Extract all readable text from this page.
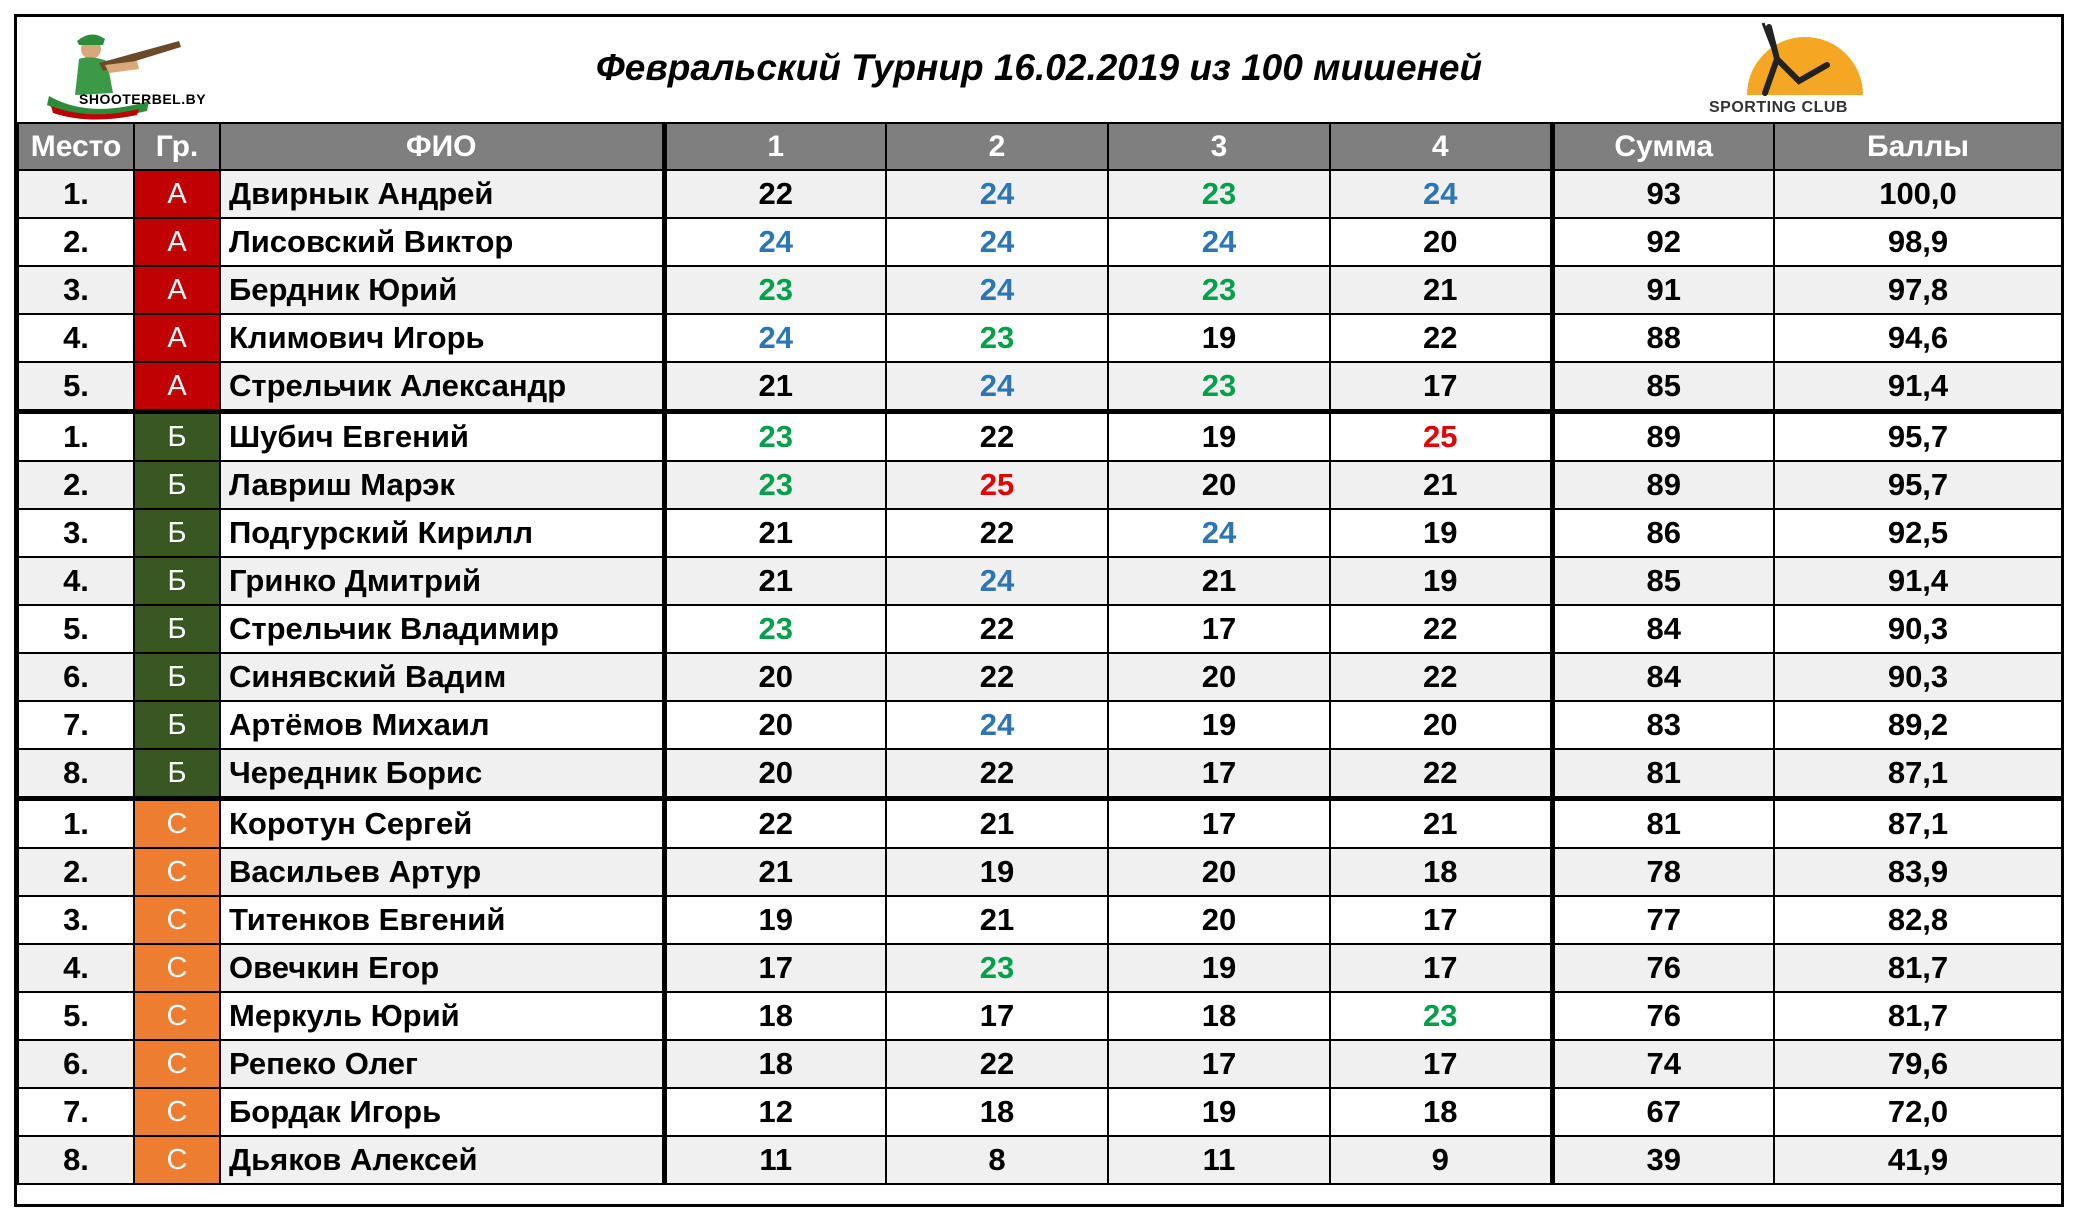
SHOOTERBEL.BY
Февральский Турнир 16.02.2019 из 100 мишеней
SPORTING CLUB
Место	Гр.	ФИО	1	2	3	4	Сумма	Баллы
1.	A	Двирнык Андрей	22	24	23	24	93	100,0
2.	A	Лисовский Виктор	24	24	24	20	92	98,9
3.	A	Бердник Юрий	23	24	23	21	91	97,8
4.	A	Климович Игорь	24	23	19	22	88	94,6
5.	A	Стрельчик Александр	21	24	23	17	85	91,4
1.	Б	Шубич Евгений	23	22	19	25	89	95,7
2.	Б	Лавриш Марэк	23	25	20	21	89	95,7
3.	Б	Подгурский Кирилл	21	22	24	19	86	92,5
4.	Б	Гринко Дмитрий	21	24	21	19	85	91,4
5.	Б	Стрельчик Владимир	23	22	17	22	84	90,3
6.	Б	Синявский Вадим	20	22	20	22	84	90,3
7.	Б	Артёмов Михаил	20	24	19	20	83	89,2
8.	Б	Чередник Борис	20	22	17	22	81	87,1
1.	C	Коротун Сергей	22	21	17	21	81	87,1
2.	C	Васильев Артур	21	19	20	18	78	83,9
3.	C	Титенков Евгений	19	21	20	17	77	82,8
4.	C	Овечкин Егор	17	23	19	17	76	81,7
5.	C	Меркуль Юрий	18	17	18	23	76	81,7
6.	C	Репеко Олег	18	22	17	17	74	79,6
7.	C	Бордак Игорь	12	18	19	18	67	72,0
8.	C	Дьяков Алексей	11	8	11	9	39	41,9
